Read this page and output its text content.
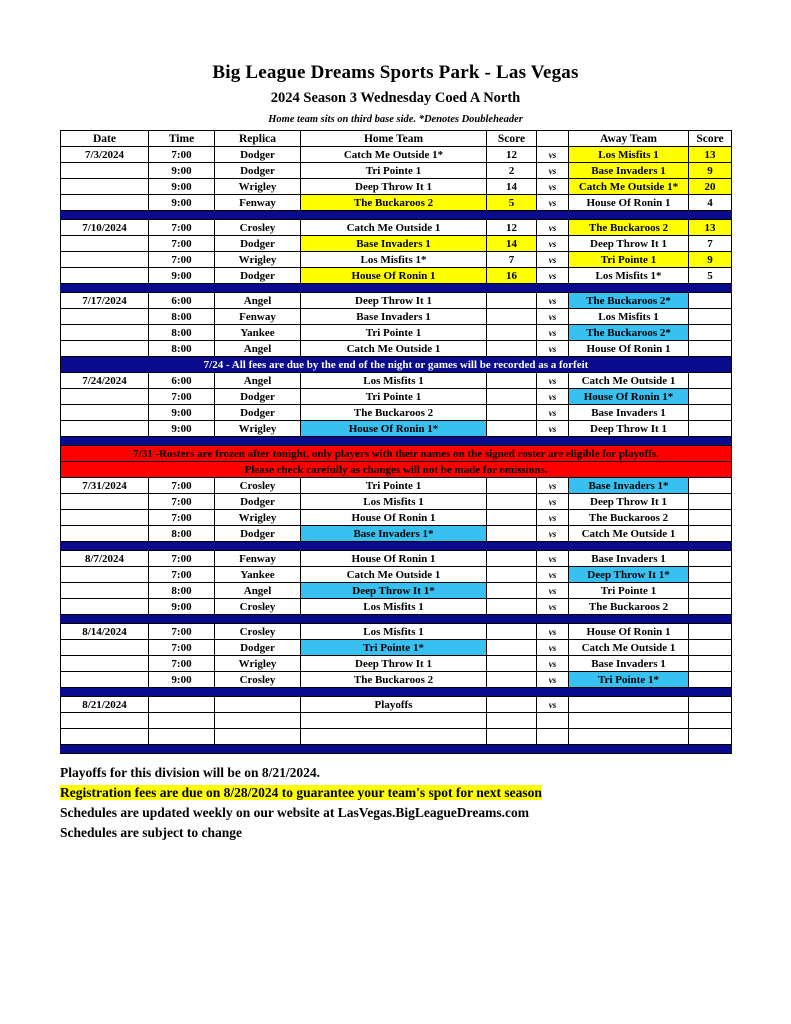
Big League Dreams Sports Park - Las Vegas
2024 Season 3 Wednesday Coed A North
Home team sits on third base side. *Denotes Doubleheader
Date	Time	Replica	Home Team	Score		Away Team	Score
7/3/2024	7:00	Dodger	Catch Me Outside 1*	12	vs	Los Misfits 1	13
	9:00	Dodger	Tri Pointe 1	2	vs	Base Invaders 1	9
	9:00	Wrigley	Deep Throw It 1	14	vs	Catch Me Outside 1*	20
	9:00	Fenway	The Buckaroos 2	5	vs	House Of Ronin 1	4

7/10/2024	7:00	Crosley	Catch Me Outside 1	12	vs	The Buckaroos 2	13
	7:00	Dodger	Base Invaders 1	14	vs	Deep Throw It 1	7
	7:00	Wrigley	Los Misfits 1*	7	vs	Tri Pointe 1	9
	9:00	Dodger	House Of Ronin 1	16	vs	Los Misfits 1*	5

7/17/2024	6:00	Angel	Deep Throw It 1		vs	The Buckaroos 2*	
	8:00	Fenway	Base Invaders 1		vs	Los Misfits 1	
	8:00	Yankee	Tri Pointe 1		vs	The Buckaroos 2*	
	8:00	Angel	Catch Me Outside 1		vs	House Of Ronin 1	
7/24 - All fees are due by the end of the night or games will be recorded as a forfeit							
7/24/2024	6:00	Angel	Los Misfits 1		vs	Catch Me Outside 1	
	7:00	Dodger	Tri Pointe 1		vs	House Of Ronin 1*	
	9:00	Dodger	The Buckaroos 2		vs	Base Invaders 1	
	9:00	Wrigley	House Of Ronin 1*		vs	Deep Throw It 1	

7/31 -Rosters are frozen after tonight, only players with their names on the signed roster are eligible for playoffs.							
Please check carefully as changes will not be made for omissions.							
7/31/2024	7:00	Crosley	Tri Pointe 1		vs	Base Invaders 1*	
	7:00	Dodger	Los Misfits 1		vs	Deep Throw It 1	
	7:00	Wrigley	House Of Ronin 1		vs	The Buckaroos 2	
	8:00	Dodger	Base Invaders 1*		vs	Catch Me Outside 1	

8/7/2024	7:00	Fenway	House Of Ronin 1		vs	Base Invaders 1	
	7:00	Yankee	Catch Me Outside 1		vs	Deep Throw It 1*	
	8:00	Angel	Deep Throw It 1*		vs	Tri Pointe 1	
	9:00	Crosley	Los Misfits 1		vs	The Buckaroos 2	

8/14/2024	7:00	Crosley	Los Misfits 1		vs	House Of Ronin 1	
	7:00	Dodger	Tri Pointe 1*		vs	Catch Me Outside 1	
	7:00	Wrigley	Deep Throw It 1		vs	Base Invaders 1	
	9:00	Crosley	The Buckaroos 2		vs	Tri Pointe 1*	

8/21/2024			Playoffs		vs		

Playoffs for this division will be on 8/21/2024.
Registration fees are due on 8/28/2024 to guarantee your team's spot for next season
Schedules are updated weekly on our website at LasVegas.BigLeagueDreams.com
Schedules are subject to change
